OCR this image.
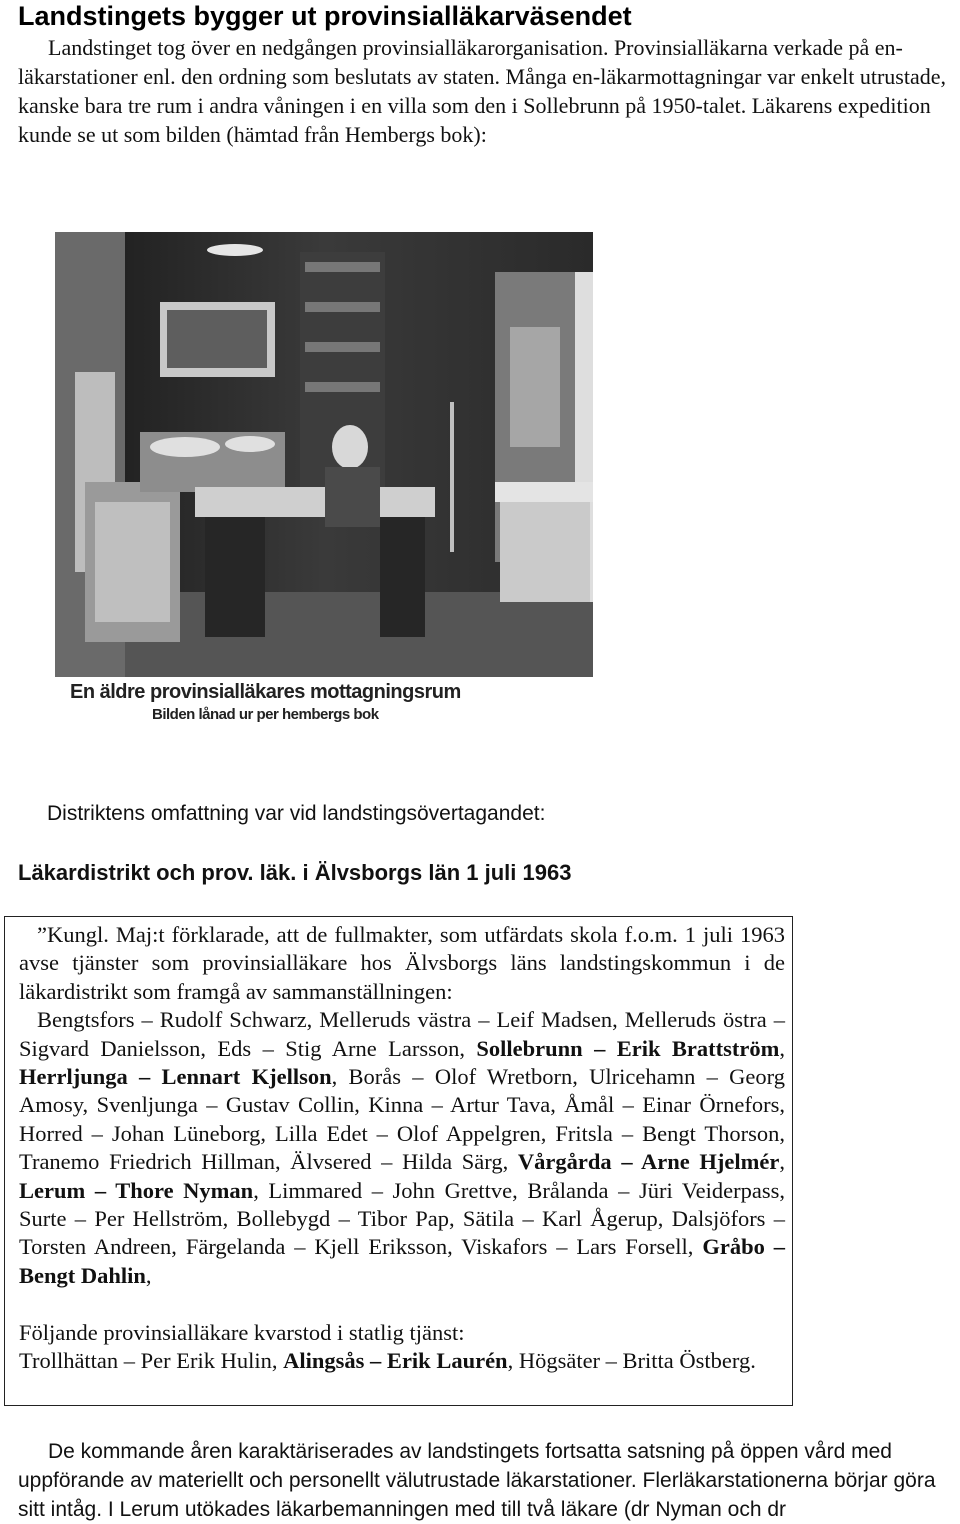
Landstingets bygger ut provinsialläkarväsendet

Landstinget tog över en nedgången provinsialläkarorganisation. Provinsialläkarna verkade på en-läkarstationer enl. den ordning som beslutats av staten. Många en-läkarmottagningar var enkelt utrustade, kanske bara tre rum i andra våningen i en villa som den i Sollebrunn på 1950-talet. Läkarens expedition kunde se ut som bilden (hämtad från Hembergs bok):

En äldre provinsialläkares mottagningsrum
Bilden lånad ur per hembergs bok

Distriktens omfattning var vid landstingsövertagandet:

Läkardistrikt och prov. läk. i Älvsborgs län 1 juli 1963

”Kungl. Maj:t förklarade, att de fullmakter, som utfärdats skola f.o.m. 1 juli 1963 avse tjänster som provinsialläkare hos Älvsborgs läns landstingskommun i de läkardistrikt som framgå av sammanställningen:
Bengtsfors – Rudolf Schwarz, Melleruds västra – Leif Madsen, Melleruds östra – Sigvard Danielsson, Eds – Stig Arne Larsson, Sollebrunn – Erik Brattström, Herrljunga – Lennart Kjellson, Borås – Olof Wretborn, Ulricehamn – Georg Amosy, Svenljunga – Gustav Collin, Kinna – Artur Tava, Åmål – Einar Örnefors, Horred – Johan Lüneborg, Lilla Edet – Olof Appelgren, Fritsla – Bengt Thorson, Tranemo Friedrich Hillman, Älvsered – Hilda Särg, Vårgårda – Arne Hjelmér, Lerum – Thore Nyman, Limmared – John Grettve, Brålanda – Jüri Veiderpass, Surte – Per Hellström, Bollebygd – Tibor Pap, Sätila – Karl Ågerup, Dalsjöfors – Torsten Andreen, Färgelanda – Kjell Eriksson, Viskafors – Lars Forsell, Gråbo – Bengt Dahlin,

Följande provinsialläkare kvarstod i statlig tjänst:

Trollhättan – Per Erik Hulin, Alingsås – Erik Laurén, Högsäter – Britta Östberg.

De kommande åren karaktäriserades av landstingets fortsatta satsning på öppen vård med uppförande av materiellt och personellt välutrustade läkarstationer. Flerläkarstationerna börjar göra sitt intåg. I Lerum utökades läkarbemanningen med till två läkare (dr Nyman och dr
